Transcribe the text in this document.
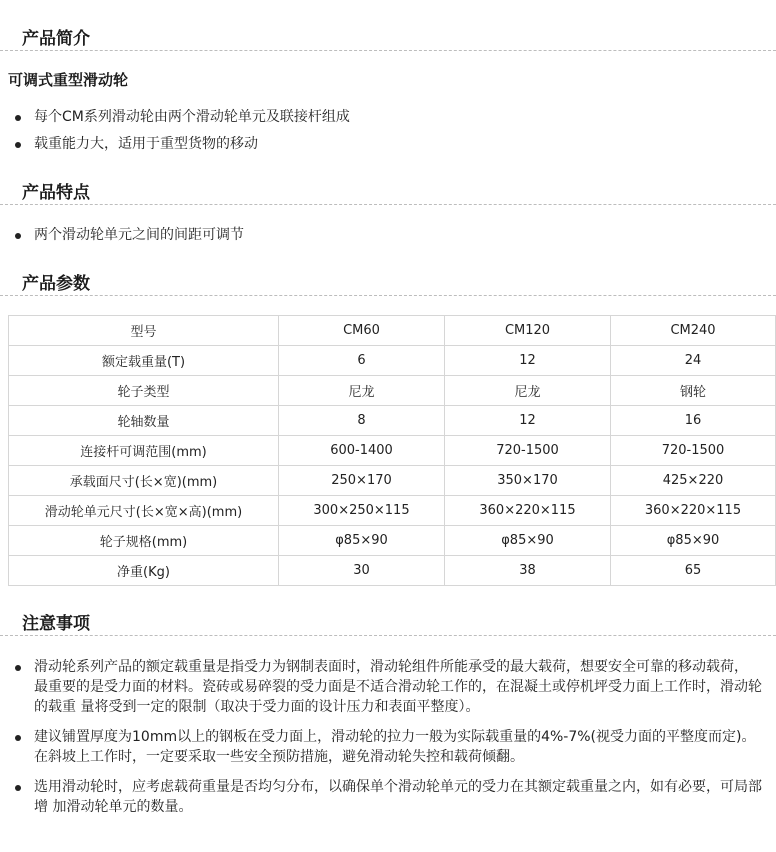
产品简介
可调式重型滑动轮
每个CM系列滑动轮由两个滑动轮单元及联接杆组成
载重能力大，适用于重型货物的移动
产品特点
两个滑动轮单元之间的间距可调节
产品参数
型号	CM60	CM120	CM240
额定载重量(T)	6	12	24
轮子类型	尼龙	尼龙	钢轮
轮轴数量	8	12	16
连接杆可调范围(mm)	600-1400	720-1500	720-1500
承载面尺寸(长×宽)(mm)	250×170	350×170	425×220
滑动轮单元尺寸(长×宽×高)(mm)	300×250×115	360×220×115	360×220×115
轮子规格(mm)	φ85×90	φ85×90	φ85×90
净重(Kg)	30	38	65
注意事项
滑动轮系列产品的额定载重量是指受力为钢制表面时，滑动轮组件所能承受的最大载荷，想要安全可靠的移动载荷， 最重要的是受力面的材料。瓷砖或易碎裂的受力面是不适合滑动轮工作的，在混凝土或停机坪受力面上工作时，滑动轮的载重 量将受到一定的限制（取决于受力面的设计压力和表面平整度）。
建议铺置厚度为10mm以上的钢板在受力面上，滑动轮的拉力一般为实际载重量的4%-7%(视受力面的平整度而定)。
在斜坡上工作时，一定要采取一些安全预防措施，避免滑动轮失控和载荷倾翻。
选用滑动轮时，应考虑载荷重量是否均匀分布，以确保单个滑动轮单元的受力在其额定载重量之内，如有必要，可局部增 加滑动轮单元的数量。
